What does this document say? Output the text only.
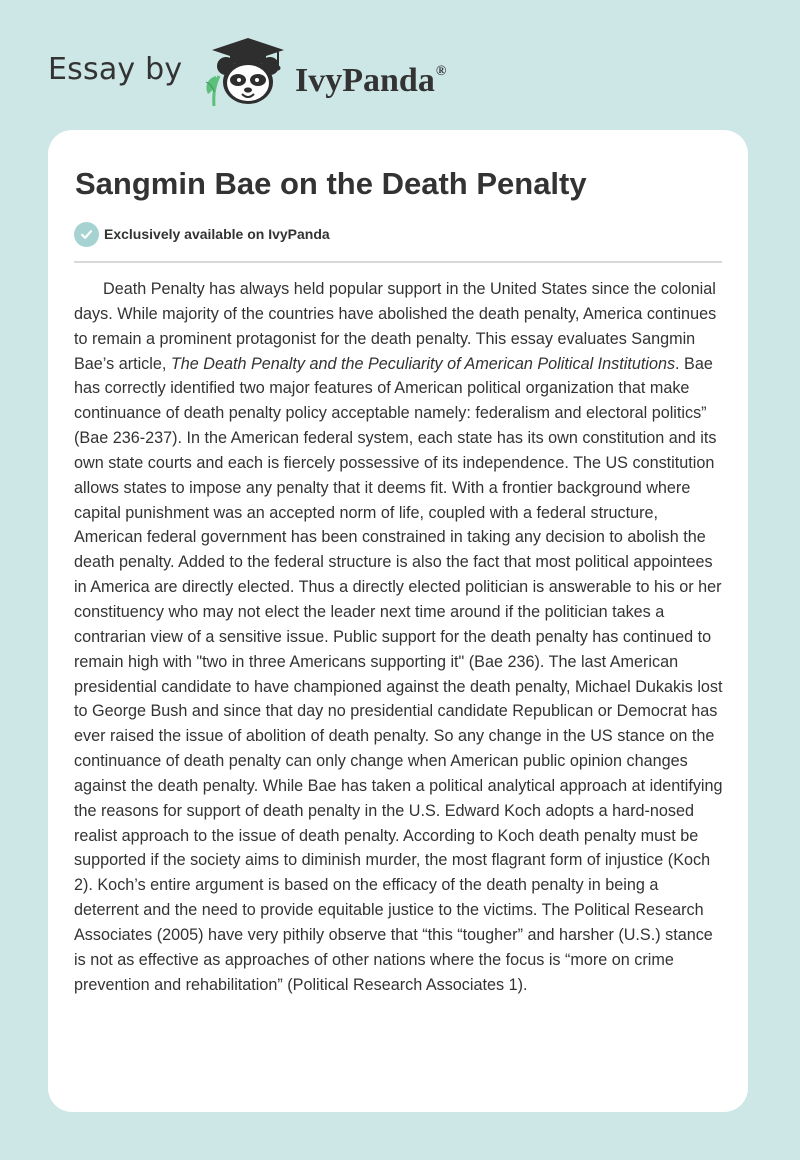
Essay by	IvyPanda®
Sangmin Bae on the Death Penalty
Exclusively available on IvyPanda

Death Penalty has always held popular support in the United States since the colonial days. While majority of the countries have abolished the death penalty, America continues to remain a prominent protagonist for the death penalty. This essay evaluates Sangmin Bae’s article, The Death Penalty and the Peculiarity of American Political Institutions. Bae has correctly identified two major features of American political organization that make continuance of death penalty policy acceptable namely: federalism and electoral politics” (Bae 236-237). In the American federal system, each state has its own constitution and its own state courts and each is fiercely possessive of its independence. The US constitution allows states to impose any penalty that it deems fit. With a frontier background where capital punishment was an accepted norm of life, coupled with a federal structure, American federal government has been constrained in taking any decision to abolish the death penalty. Added to the federal structure is also the fact that most political appointees in America are directly elected. Thus a directly elected politician is answerable to his or her constituency who may not elect the leader next time around if the politician takes a contrarian view of a sensitive issue. Public support for the death penalty has continued to remain high with "two in three Americans supporting it" (Bae 236). The last American presidential candidate to have championed against the death penalty, Michael Dukakis lost to George Bush and since that day no presidential candidate Republican or Democrat has ever raised the issue of abolition of death penalty. So any change in the US stance on the continuance of death penalty can only change when American public opinion changes against the death penalty. While Bae has taken a political analytical approach at identifying the reasons for support of death penalty in the U.S. Edward Koch adopts a hard-nosed realist approach to the issue of death penalty. According to Koch death penalty must be supported if the society aims to diminish murder, the most flagrant form of injustice (Koch 2). Koch’s entire argument is based on the efficacy of the death penalty in being a deterrent and the need to provide equitable justice to the victims. The Political Research Associates (2005) have very pithily observe that “this “tougher” and harsher (U.S.) stance is not as effective as approaches of other nations where the focus is “more on crime prevention and rehabilitation” (Political Research Associates 1).
